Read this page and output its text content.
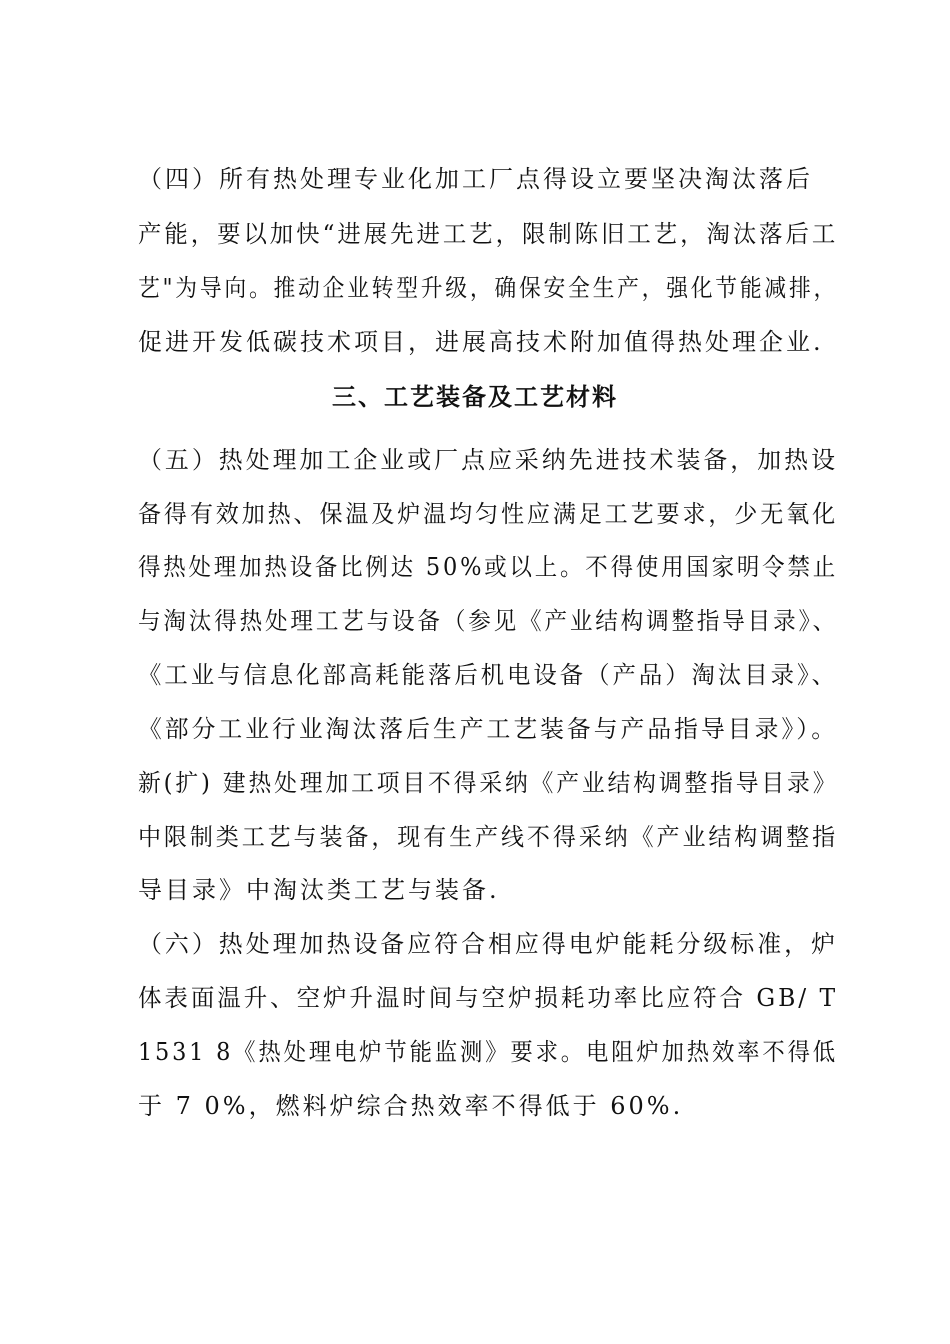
（四）所有热处理专业化加工厂点得设立要坚决淘汰落后
产能，要以加快“进展先进工艺，限制陈旧工艺，淘汰落后工
艺"为导向。推动企业转型升级，确保安全生产，强化节能减排，
促进开发低碳技术项目，进展高技术附加值得热处理企业.
三、工艺装备及工艺材料
（五）热处理加工企业或厂点应采纳先进技术装备，加热设
备得有效加热、保温及炉温均匀性应满足工艺要求，少无氧化
得热处理加热设备比例达 50%或以上。不得使用国家明令禁止
与淘汰得热处理工艺与设备（参见《产业结构调整指导目录》、
《工业与信息化部高耗能落后机电设备（产品）淘汰目录》、
《部分工业行业淘汰落后生产工艺装备与产品指导目录》）。
新(扩) 建热处理加工项目不得采纳《产业结构调整指导目录》
中限制类工艺与装备，现有生产线不得采纳《产业结构调整指
导目录》中淘汰类工艺与装备.
（六）热处理加热设备应符合相应得电炉能耗分级标准，炉
体表面温升、空炉升温时间与空炉损耗功率比应符合 GB/ T
1531 8《热处理电炉节能监测》要求。电阻炉加热效率不得低
于 7 0%，燃料炉综合热效率不得低于 60%.
